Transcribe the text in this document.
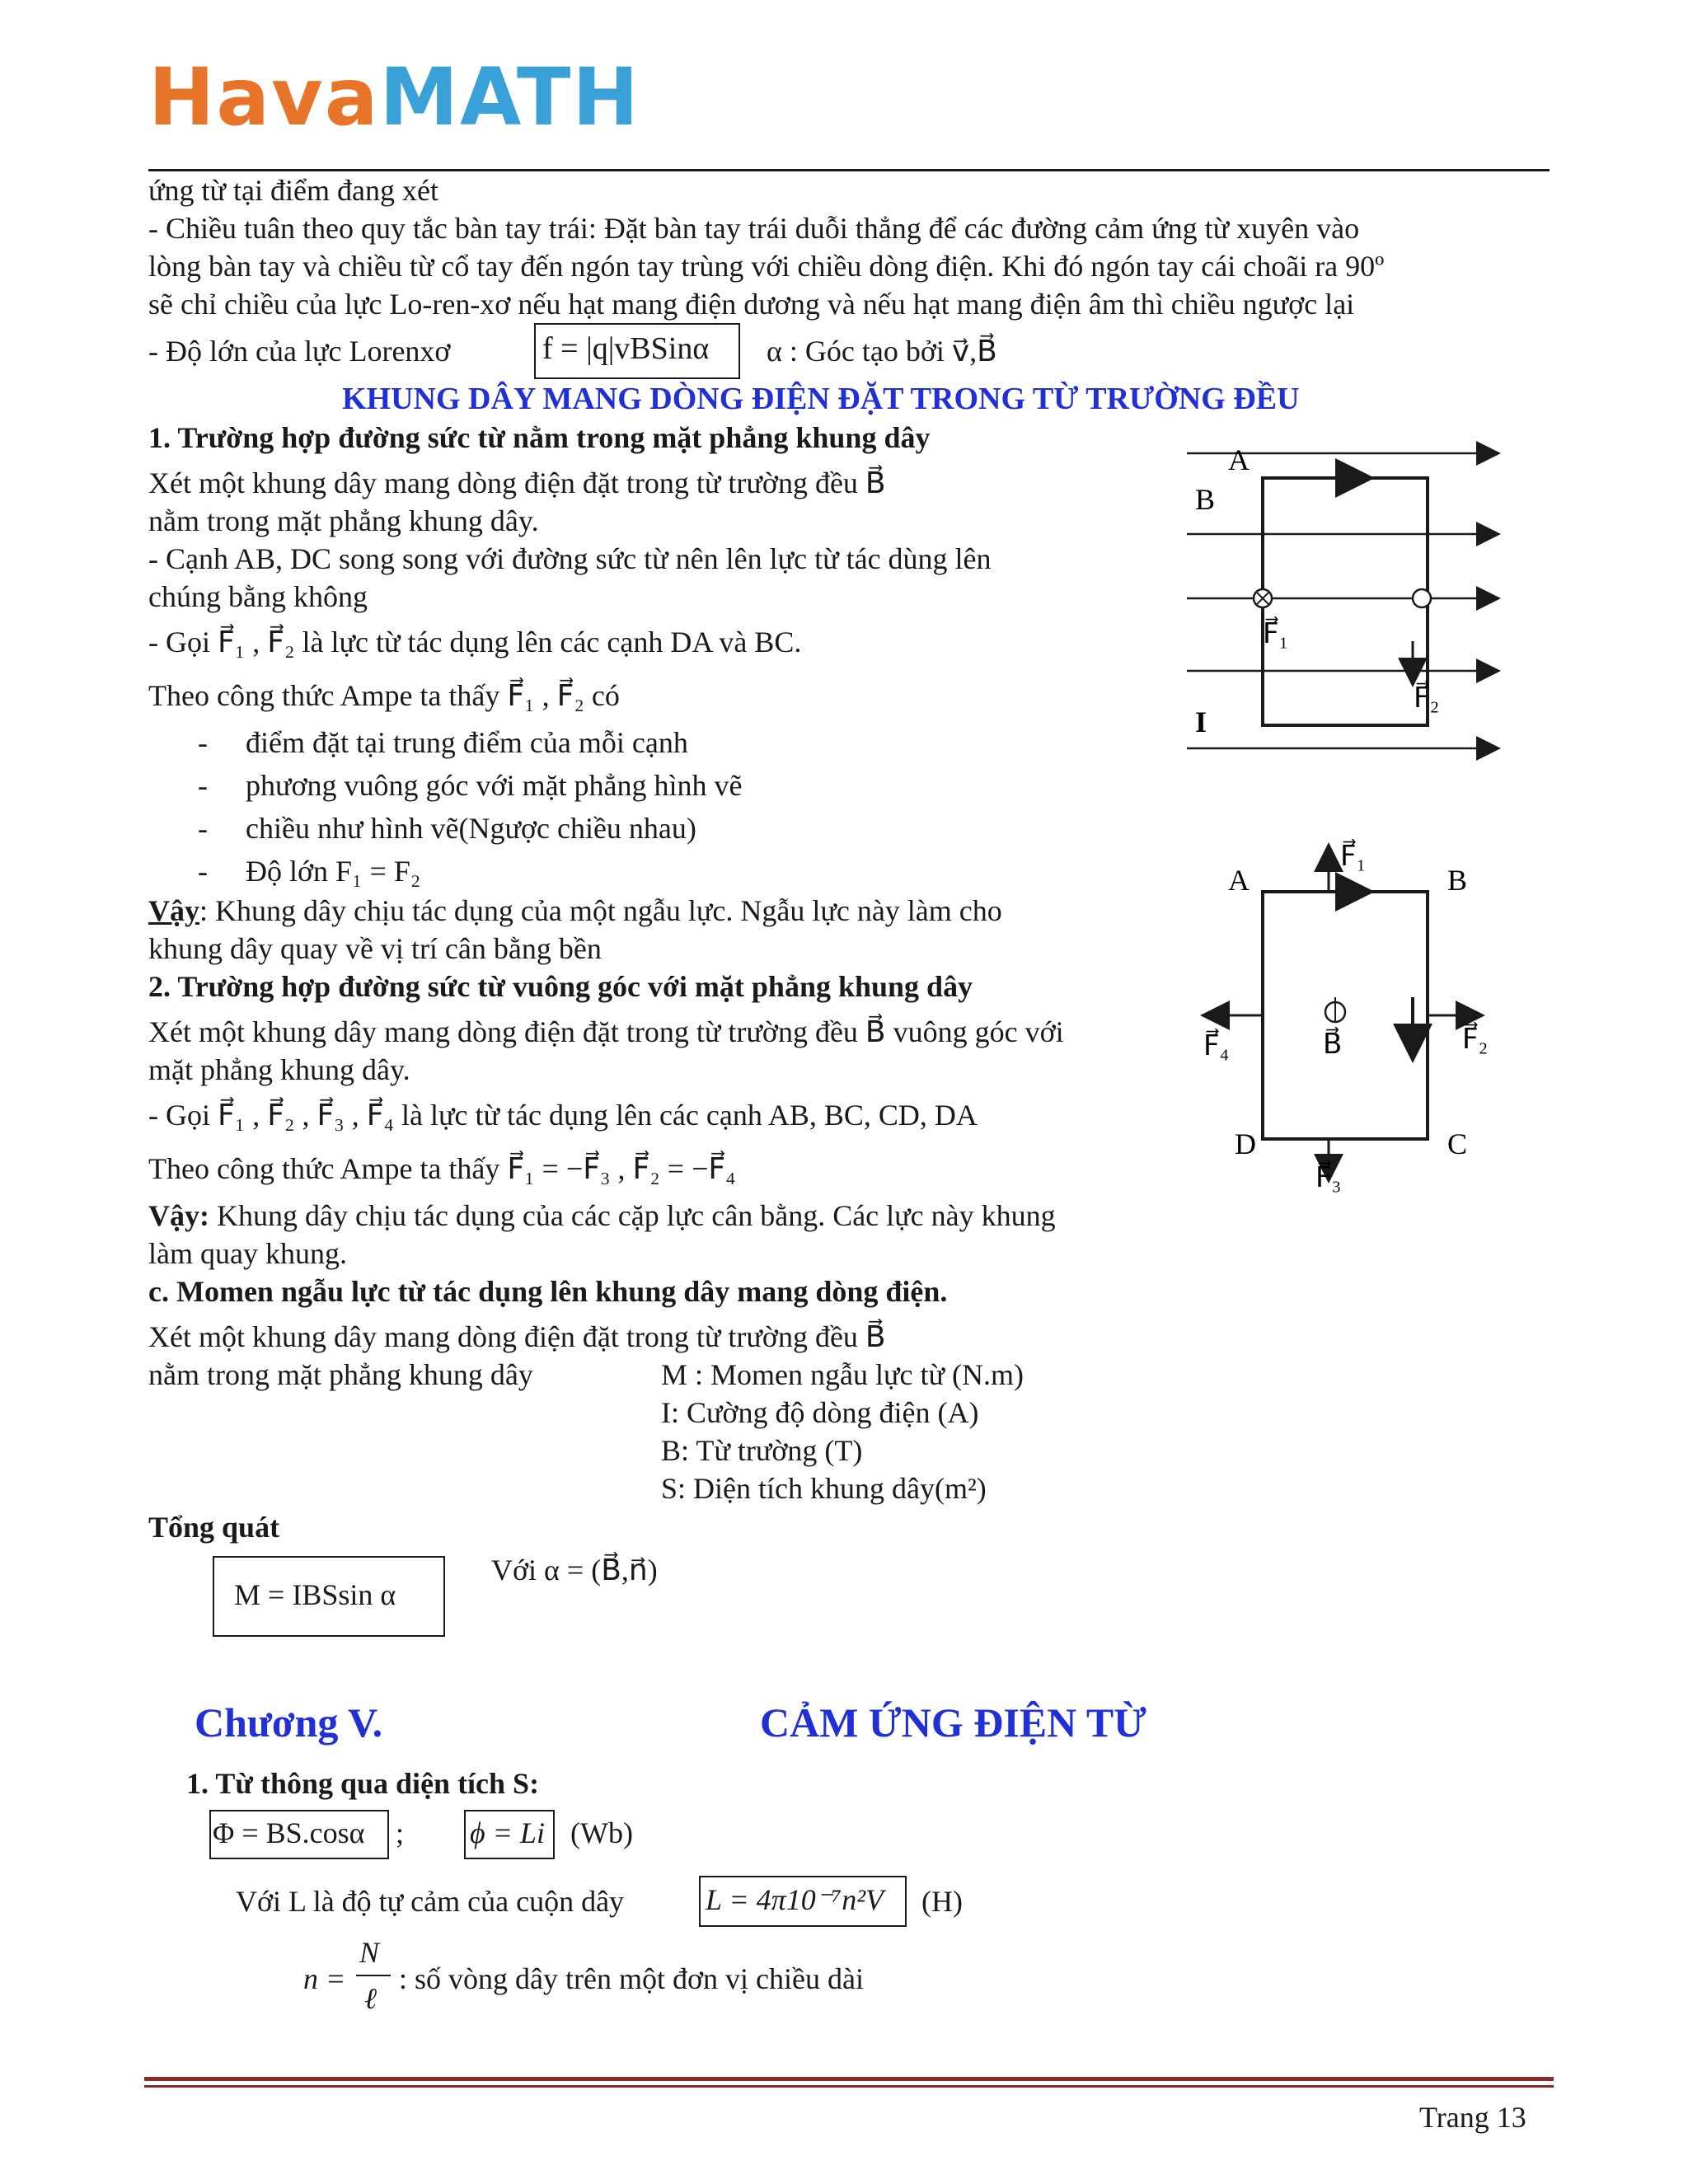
HavaMATH
ứng từ tại điểm đang xét
- Chiều tuân theo quy tắc bàn tay trái: Đặt bàn tay trái duỗi thẳng để các đường cảm ứng từ xuyên vào
lòng bàn tay và chiều từ cổ tay đến ngón tay trùng với chiều dòng điện. Khi đó ngón tay cái choãi ra 90º
sẽ chỉ chiều của lực Lo-ren-xơ nếu hạt mang điện dương và nếu hạt mang điện âm thì chiều ngược lại
- Độ lớn của lực Lorenxơ	f = |q|vBSinα α : Góc tạo bởi v⃗,B⃗
KHUNG DÂY MANG DÒNG ĐIỆN ĐẶT TRONG TỪ TRƯỜNG ĐỀU
1. Trường hợp đường sức từ nằm trong mặt phẳng khung dây
Xét một khung dây mang dòng điện đặt trong từ trường đều B⃗
nằm trong mặt phẳng khung dây.
- Cạnh AB, DC song song với đường sức từ nên lên lực từ tác dùng lên
chúng bằng không
- Gọi F⃗₁ , F⃗₂ là lực từ tác dụng lên các cạnh DA và BC.
Theo công thức Ampe ta thấy F⃗₁ , F⃗₂ có
- điểm đặt tại trung điểm của mỗi cạnh
- phương vuông góc với mặt phẳng hình vẽ
- chiều như hình vẽ(Ngược chiều nhau)
- Độ lớn F₁ = F₂
Vậy: Khung dây chịu tác dụng của một ngẫu lực. Ngẫu lực này làm cho
khung dây quay về vị trí cân bằng bền
2. Trường hợp đường sức từ vuông góc với mặt phẳng khung dây
Xét một khung dây mang dòng điện đặt trong từ trường đều B⃗ vuông góc với
mặt phẳng khung dây.
- Gọi F⃗₁ , F⃗₂ , F⃗₃ , F⃗₄ là lực từ tác dụng lên các cạnh AB, BC, CD, DA
Theo công thức Ampe ta thấy F⃗₁ = −F⃗₃ , F⃗₂ = −F⃗₄
Vậy: Khung dây chịu tác dụng của các cặp lực cân bằng. Các lực này khung
làm quay khung.
c. Momen ngẫu lực từ tác dụng lên khung dây mang dòng điện.
Xét một khung dây mang dòng điện đặt trong từ trường đều B⃗
nằm trong mặt phẳng khung dây	M : Momen ngẫu lực từ (N.m)
I: Cường độ dòng điện (A)
B: Từ trường (T)
S: Diện tích khung dây(m²)
Tổng quát
M = IBSsin α
Với α = (B⃗,n⃗)
Chương V.	CẢM ỨNG ĐIỆN TỪ
1. Từ thông qua diện tích S:
Φ = BS.cosα ; ϕ = Li (Wb)
Với L là độ tự cảm của cuộn dây	L = 4π10⁻⁷n²V (H)
n =
N
ℓ
: số vòng dây trên một đơn vị chiều dài
A
B
I
F⃗₁
F⃗₂
A	B
C
D
F⃗₁
F⃗₂
F⃗₃
F⃗₄	B⃗
Trang 13
